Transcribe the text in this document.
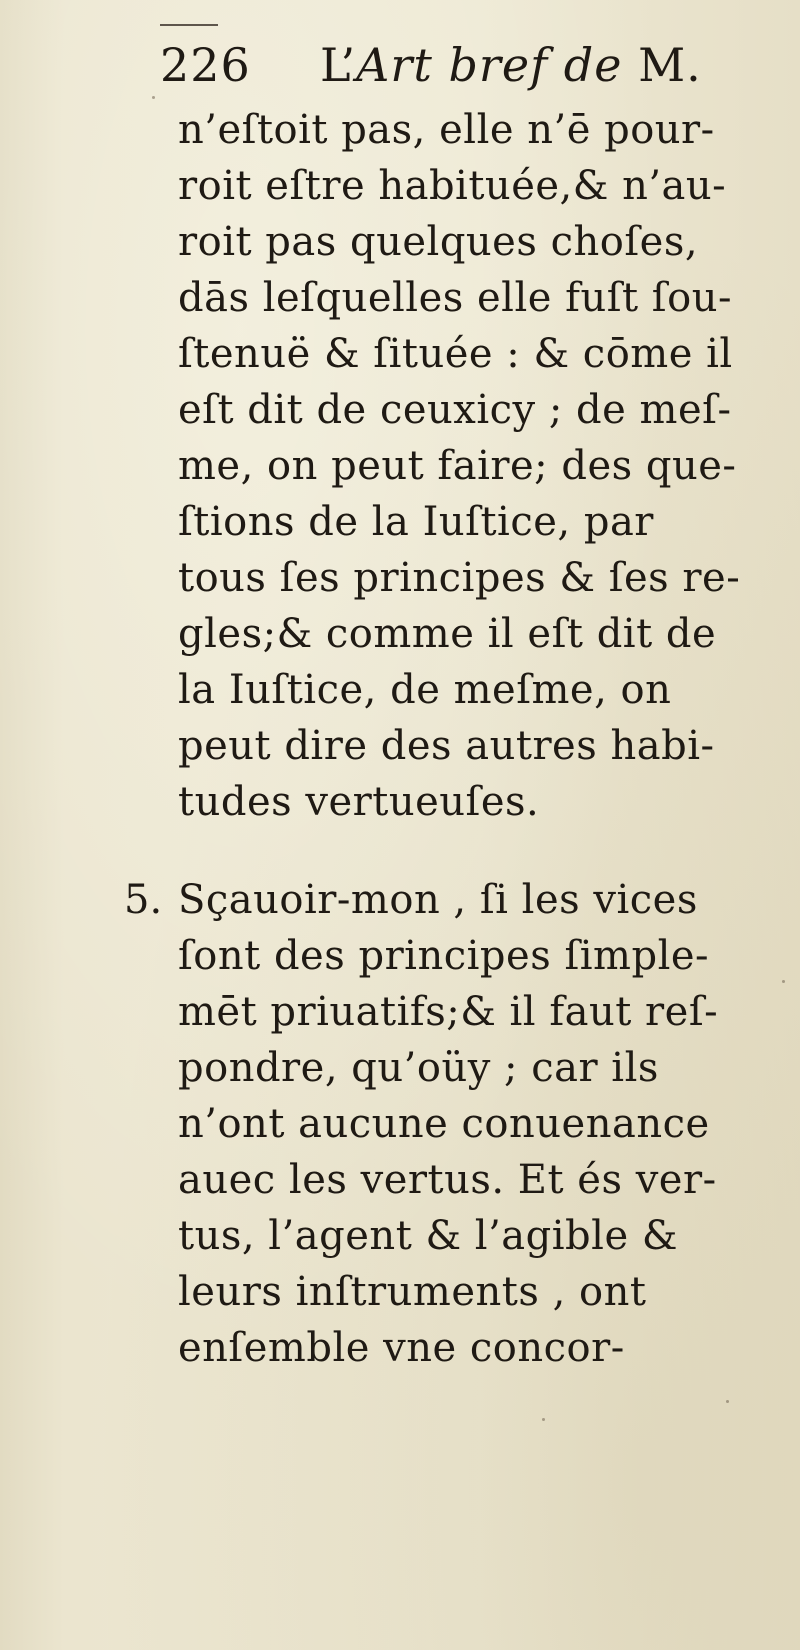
226 L’Art bref de M.
n’eſtoit pas, elle n’ē pour-
roit eſtre habituée,& n’au-
roit pas quelques choſes,
dās leſquelles elle fuſt ſou-
ſtenuë & ſituée : & cōme il
eſt dit de ceuxicy ; de meſ-
me, on peut faire; des que-
ſtions de la Iuſtice, par
tous ſes principes & ſes re-
gles;& comme il eſt dit de
la Iuſtice, de meſme, on
peut dire des autres habi-
tudes vertueuſes.
5. Sçauoir-mon , ſi les vices
ſont des principes ſimple-
mēt priuatifs;& il faut reſ-
pondre, qu’oüy ; car ils
n’ont aucune conuenance
auec les vertus. Et és ver-
tus, l’agent & l’agible &
leurs inſtruments , ont
enſemble vne concor-
